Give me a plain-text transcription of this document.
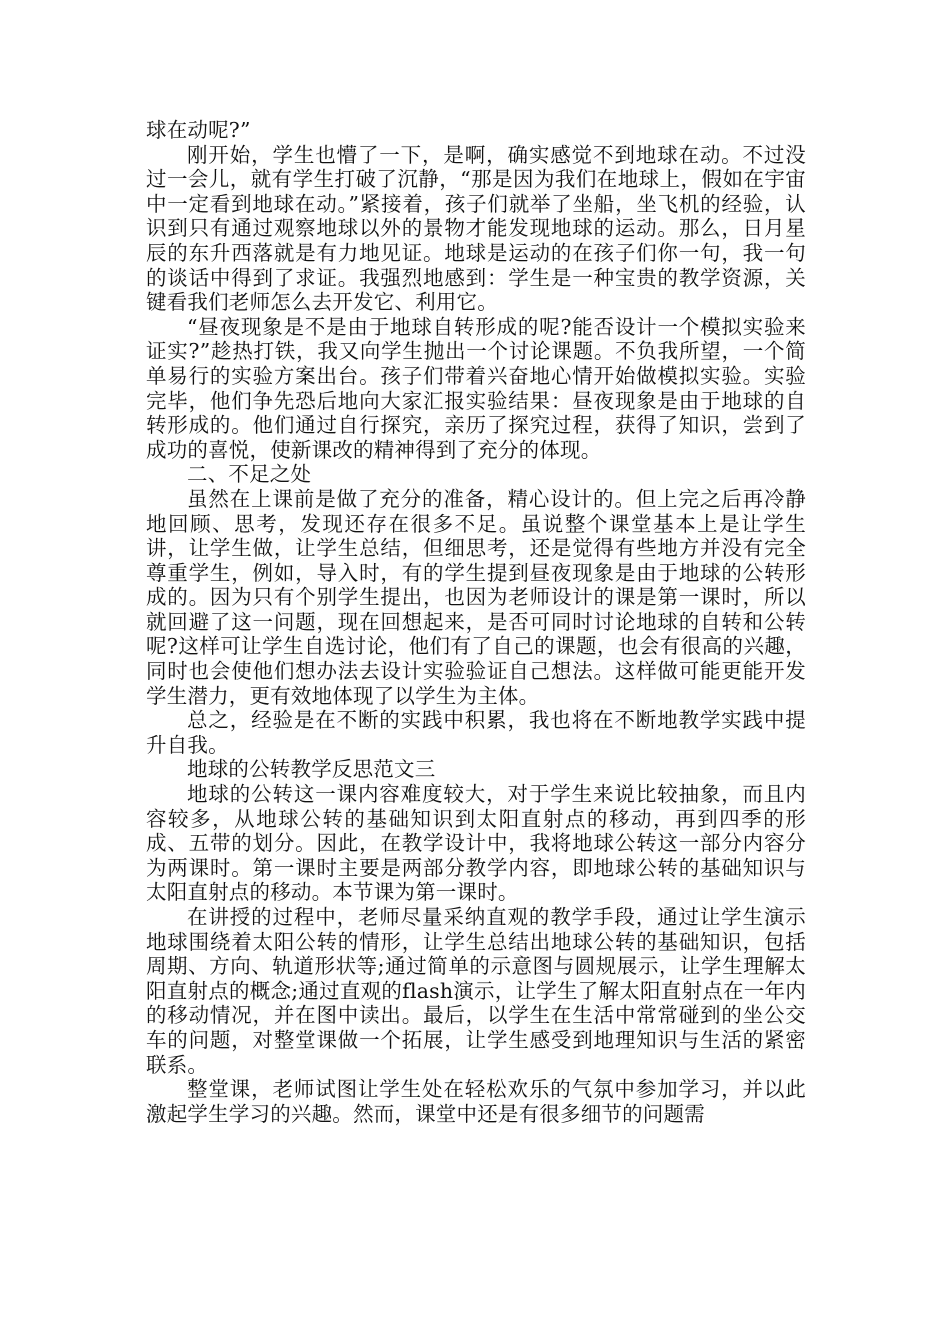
球在动呢?”

刚开始，学生也懵了一下，是啊，确实感觉不到地球在动。不过没过一会儿，就有学生打破了沉静，“那是因为我们在地球上，假如在宇宙中一定看到地球在动。”紧接着，孩子们就举了坐船，坐飞机的经验，认识到只有通过观察地球以外的景物才能发现地球的运动。那么，日月星辰的东升西落就是有力地见证。地球是运动的在孩子们你一句，我一句的谈话中得到了求证。我强烈地感到：学生是一种宝贵的教学资源，关键看我们老师怎么去开发它、利用它。

“昼夜现象是不是由于地球自转形成的呢?能否设计一个模拟实验来证实?”趁热打铁，我又向学生抛出一个讨论课题。不负我所望，一个简单易行的实验方案出台。孩子们带着兴奋地心情开始做模拟实验。实验完毕，他们争先恐后地向大家汇报实验结果：昼夜现象是由于地球的自转形成的。他们通过自行探究，亲历了探究过程，获得了知识，尝到了成功的喜悦，使新课改的精神得到了充分的体现。

二、不足之处

虽然在上课前是做了充分的准备，精心设计的。但上完之后再冷静地回顾、思考，发现还存在很多不足。虽说整个课堂基本上是让学生讲，让学生做，让学生总结，但细思考，还是觉得有些地方并没有完全尊重学生，例如，导入时，有的学生提到昼夜现象是由于地球的公转形成的。因为只有个别学生提出，也因为老师设计的课是第一课时，所以就回避了这一问题，现在回想起来，是否可同时讨论地球的自转和公转呢?这样可让学生自选讨论，他们有了自己的课题，也会有很高的兴趣，同时也会使他们想办法去设计实验验证自己想法。这样做可能更能开发学生潜力，更有效地体现了以学生为主体。

总之，经验是在不断的实践中积累，我也将在不断地教学实践中提升自我。

地球的公转教学反思范文三

地球的公转这一课内容难度较大，对于学生来说比较抽象，而且内容较多，从地球公转的基础知识到太阳直射点的移动，再到四季的形成、五带的划分。因此，在教学设计中，我将地球公转这一部分内容分为两课时。第一课时主要是两部分教学内容，即地球公转的基础知识与太阳直射点的移动。本节课为第一课时。

在讲授的过程中，老师尽量采纳直观的教学手段，通过让学生演示地球围绕着太阳公转的情形，让学生总结出地球公转的基础知识，包括周期、方向、轨道形状等;通过简单的示意图与圆规展示，让学生理解太阳直射点的概念;通过直观的flash演示，让学生了解太阳直射点在一年内的移动情况，并在图中读出。最后，以学生在生活中常常碰到的坐公交车的问题，对整堂课做一个拓展，让学生感受到地理知识与生活的紧密联系。

整堂课，老师试图让学生处在轻松欢乐的气氛中参加学习，并以此激起学生学习的兴趣。然而，课堂中还是有很多细节的问题需
